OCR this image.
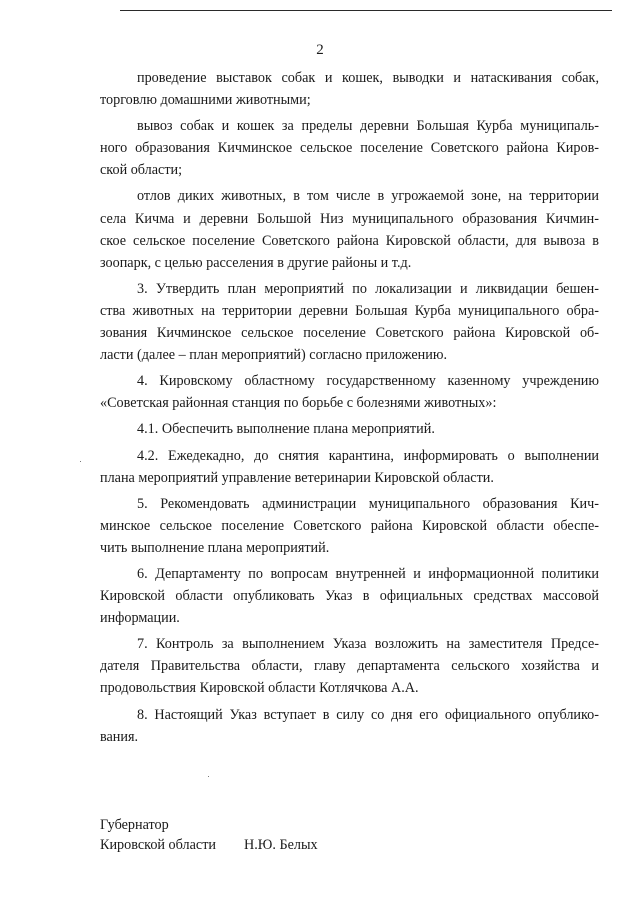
2
проведение выставок собак и кошек, выводки и натаскивания собак,
торговлю домашними животными;
вывоз собак и кошек за пределы деревни Большая Курба муниципаль-
ного образования Кичминское сельское поселение Советского района Киров-
ской области;
отлов диких животных, в том числе в угрожаемой зоне, на территории
села Кичма и деревни Большой Низ муниципального образования Кичмин-
ское сельское поселение Советского района Кировской области, для вывоза в
зоопарк, с целью расселения в другие районы и т.д.
3. Утвердить план мероприятий по локализации и ликвидации бешен-
ства животных на территории деревни Большая Курба муниципального обра-
зования Кичминское сельское поселение Советского района Кировской об-
ласти (далее – план мероприятий) согласно приложению.
4. Кировскому областному государственному казенному учреждению
«Советская районная станция по борьбе с болезнями животных»:
4.1. Обеспечить выполнение плана мероприятий.
4.2. Ежедекадно, до снятия карантина, информировать о выполнении
плана мероприятий управление ветеринарии Кировской области.
5. Рекомендовать администрации муниципального образования Кич-
минское сельское поселение Советского района Кировской области обеспе-
чить выполнение плана мероприятий.
6. Департаменту по вопросам внутренней и информационной политики
Кировской области опубликовать Указ в официальных средствах массовой
информации.
7. Контроль за выполнением Указа возложить на заместителя Предсе-
дателя Правительства области, главу департамента сельского хозяйства и
продовольствия Кировской области Котлячкова А.А.
8. Настоящий Указ вступает в силу со дня его официального опублико-
вания.
Губернатор
Кировской области Н.Ю. Белых
